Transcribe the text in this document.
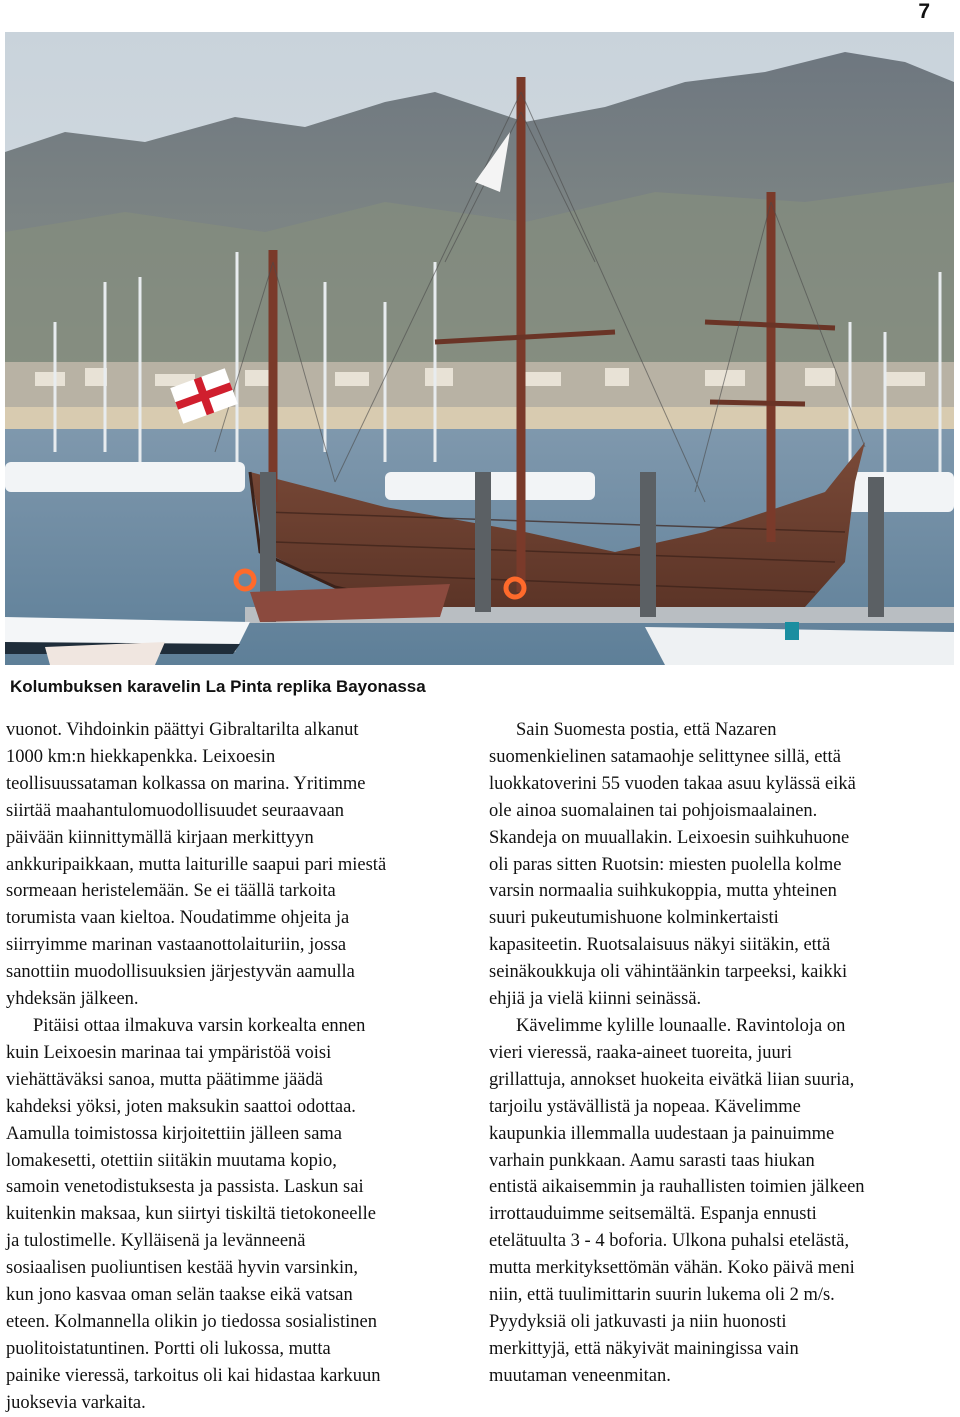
7
Kolumbuksen karavelin La Pinta replika Bayonassa

vuonot. Vihdoinkin päättyi Gibraltarilta alkanut
1000 km:n hiekkapenkka. Leixoesin
teollisuussataman kolkassa on marina. Yritimme
siirtää maahantulomuodollisuudet seuraavaan
päivään kiinnittymällä kirjaan merkittyyn
ankkuripaikkaan, mutta laiturille saapui pari miestä
sormeaan heristelemään. Se ei täällä tarkoita
torumista vaan kieltoa. Noudatimme ohjeita ja
siirryimme marinan vastaanottolaituriin, jossa
sanottiin muodollisuuksien järjestyvän aamulla
yhdeksän jälkeen.

Pitäisi ottaa ilmakuva varsin korkealta ennen
kuin Leixoesin marinaa tai ympäristöä voisi
viehättäväksi sanoa, mutta päätimme jäädä
kahdeksi yöksi, joten maksukin saattoi odottaa.
Aamulla toimistossa kirjoitettiin jälleen sama
lomakesetti, otettiin siitäkin muutama kopio,
samoin venetodistuksesta ja passista. Laskun sai
kuitenkin maksaa, kun siirtyi tiskiltä tietokoneelle
ja tulostimelle. Kylläisenä ja levänneenä
sosiaalisen puoliuntisen kestää hyvin varsinkin,
kun jono kasvaa oman selän taakse eikä vatsan
eteen. Kolmannella olikin jo tiedossa sosialistinen
puolitoistatuntinen. Portti oli lukossa, mutta
painike vieressä, tarkoitus oli kai hidastaa karkuun
juoksevia varkaita.

Sain Suomesta postia, että Nazaren
suomenkielinen satamaohje selittynee sillä, että
luokkatoverini 55 vuoden takaa asuu kylässä eikä
ole ainoa suomalainen tai pohjoismaalainen.
Skandeja on muuallakin. Leixoesin suihkuhuone
oli paras sitten Ruotsin: miesten puolella kolme
varsin normaalia suihkukoppia, mutta yhteinen
suuri pukeutumishuone kolminkertaisti
kapasiteetin. Ruotsalaisuus näkyi siitäkin, että
seinäkoukkuja oli vähintäänkin tarpeeksi, kaikki
ehjiä ja vielä kiinni seinässä.

Kävelimme kylille lounaalle. Ravintoloja on
vieri vieressä, raaka-aineet tuoreita, juuri
grillattuja, annokset huokeita eivätkä liian suuria,
tarjoilu ystävällistä ja nopeaa. Kävelimme
kaupunkia illemmalla uudestaan ja painuimme
varhain punkkaan. Aamu sarasti taas hiukan
entistä aikaisemmin ja rauhallisten toimien jälkeen
irrottauduimme seitsemältä. Espanja ennusti
etelätuulta 3 - 4 boforia. Ulkona puhalsi etelästä,
mutta merkityksettömän vähän. Koko päivä meni
niin, että tuulimittarin suurin lukema oli 2 m/s.
Pyydyksiä oli jatkuvasti ja niin huonosti
merkittyjä, että näkyivät mainingissa vain
muutaman veneenmitan.
